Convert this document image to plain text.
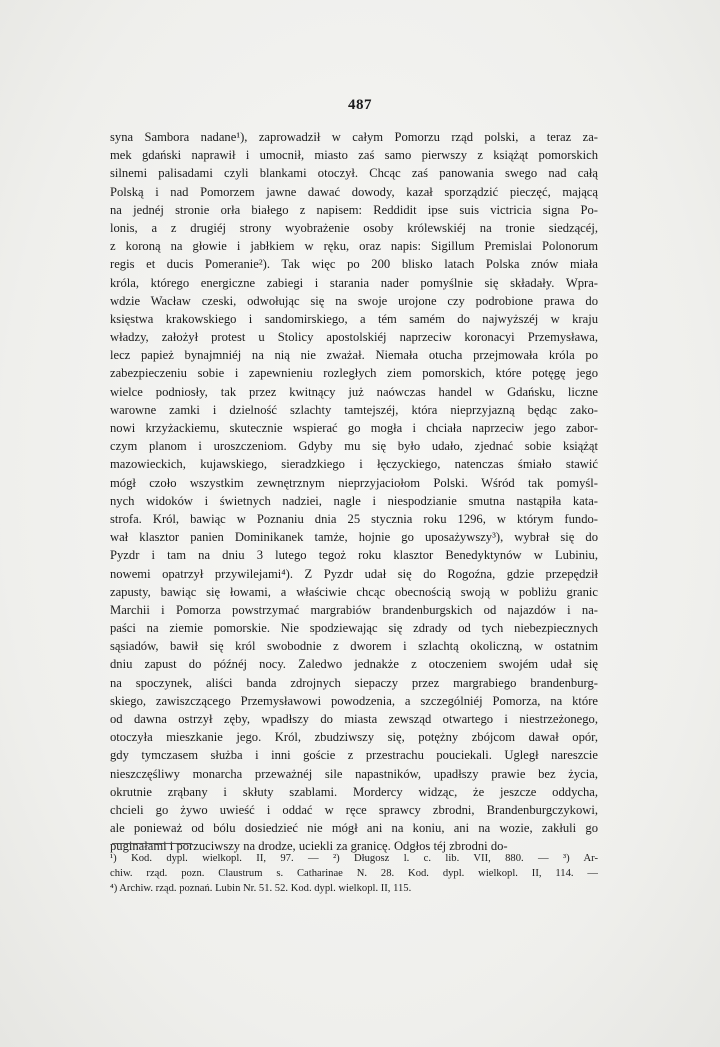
487
syna Sambora nadane¹), zaprowadził w całym Pomorzu rząd polski, a teraz za-
mek gdański naprawił i umocnił, miasto zaś samo pierwszy z książąt pomorskich
silnemi palisadami czyli blankami otoczył. Chcąc zaś panowania swego nad całą
Polską i nad Pomorzem jawne dawać dowody, kazał sporządzić pieczęć, mającą
na jednéj stronie orła białego z napisem: Reddidit ipse suis victricia signa Po-
lonis, a z drugiéj strony wyobrażenie osoby królewskiéj na tronie siedzącéj,
z koroną na głowie i jabłkiem w ręku, oraz napis: Sigillum Premislai Polonorum
regis et ducis Pomeranie²). Tak więc po 200 blisko latach Polska znów miała
króla, którego energiczne zabiegi i starania nader pomyślnie się składały. Wpra-
wdzie Wacław czeski, odwołując się na swoje urojone czy podrobione prawa do
księstwa krakowskiego i sandomirskiego, a tém samém do najwyższéj w kraju
władzy, założył protest u Stolicy apostolskiéj naprzeciw koronacyi Przemysława,
lecz papież bynajmniéj na nią nie zważał. Niemała otucha przejmowała króla po
zabezpieczeniu sobie i zapewnieniu rozległych ziem pomorskich, które potęgę jego
wielce podniosły, tak przez kwitnący już naówczas handel w Gdańsku, liczne
warowne zamki i dzielność szlachty tamtejszéj, która nieprzyjazną będąc zako-
nowi krzyżackiemu, skutecznie wspierać go mogła i chciała naprzeciw jego zabor-
czym planom i uroszczeniom. Gdyby mu się było udało, zjednać sobie książąt
mazowieckich, kujawskiego, sieradzkiego i łęczyckiego, natenczas śmiało stawić
mógł czoło wszystkim zewnętrznym nieprzyjaciołom Polski. Wśród tak pomyśl-
nych widoków i świetnych nadziei, nagle i niespodzianie smutna nastąpiła kata-
strofa. Król, bawiąc w Poznaniu dnia 25 stycznia roku 1296, w którym fundo-
wał klasztor panien Dominikanek tamże, hojnie go uposażywszy³), wybrał się do
Pyzdr i tam na dniu 3 lutego tegoż roku klasztor Benedyktynów w Lubiniu,
nowemi opatrzył przywilejami⁴). Z Pyzdr udał się do Rogoźna, gdzie przepędził
zapusty, bawiąc się łowami, a właściwie chcąc obecnością swoją w pobliżu granic
Marchii i Pomorza powstrzymać margrabiów brandenburgskich od najazdów i na-
paści na ziemie pomorskie. Nie spodziewając się zdrady od tych niebezpiecznych
sąsiadów, bawił się król swobodnie z dworem i szlachtą okoliczną, w ostatnim
dniu zapust do późnéj nocy. Zaledwo jednakże z otoczeniem swojém udał się
na spoczynek, aliści banda zdrojnych siepaczy przez margrabiego brandenburg-
skiego, zawiszczącego Przemysławowi powodzenia, a szczególniéj Pomorza, na które
od dawna ostrzył zęby, wpadłszy do miasta zewsząd otwartego i niestrzeżonego,
otoczyła mieszkanie jego. Król, zbudziwszy się, potężny zbójcom dawał opór,
gdy tymczasem służba i inni goście z przestrachu pouciekali. Ugległ nareszcie
nieszczęśliwy monarcha przeważnéj sile napastników, upadłszy prawie bez życia,
okrutnie zrąbany i skłuty szablami. Mordercy widząc, że jeszcze oddycha,
chcieli go żywo uwieść i oddać w ręce sprawcy zbrodni, Brandenburgczykowi,
ale ponieważ od bólu dosiedzieć nie mógł ani na koniu, ani na wozie, zakłuli go
puginałami i porzuciwszy na drodze, uciekli za granicę. Odgłos téj zbrodni do-
¹) Kod. dypl. wielkopl. II, 97. — ²) Długosz l. c. lib. VII, 880. — ³) Ar-
chiw. rząd. pozn. Claustrum s. Catharinae N. 28. Kod. dypl. wielkopl. II, 114. —
⁴) Archiw. rząd. poznań. Lubin Nr. 51. 52. Kod. dypl. wielkopl. II, 115.
